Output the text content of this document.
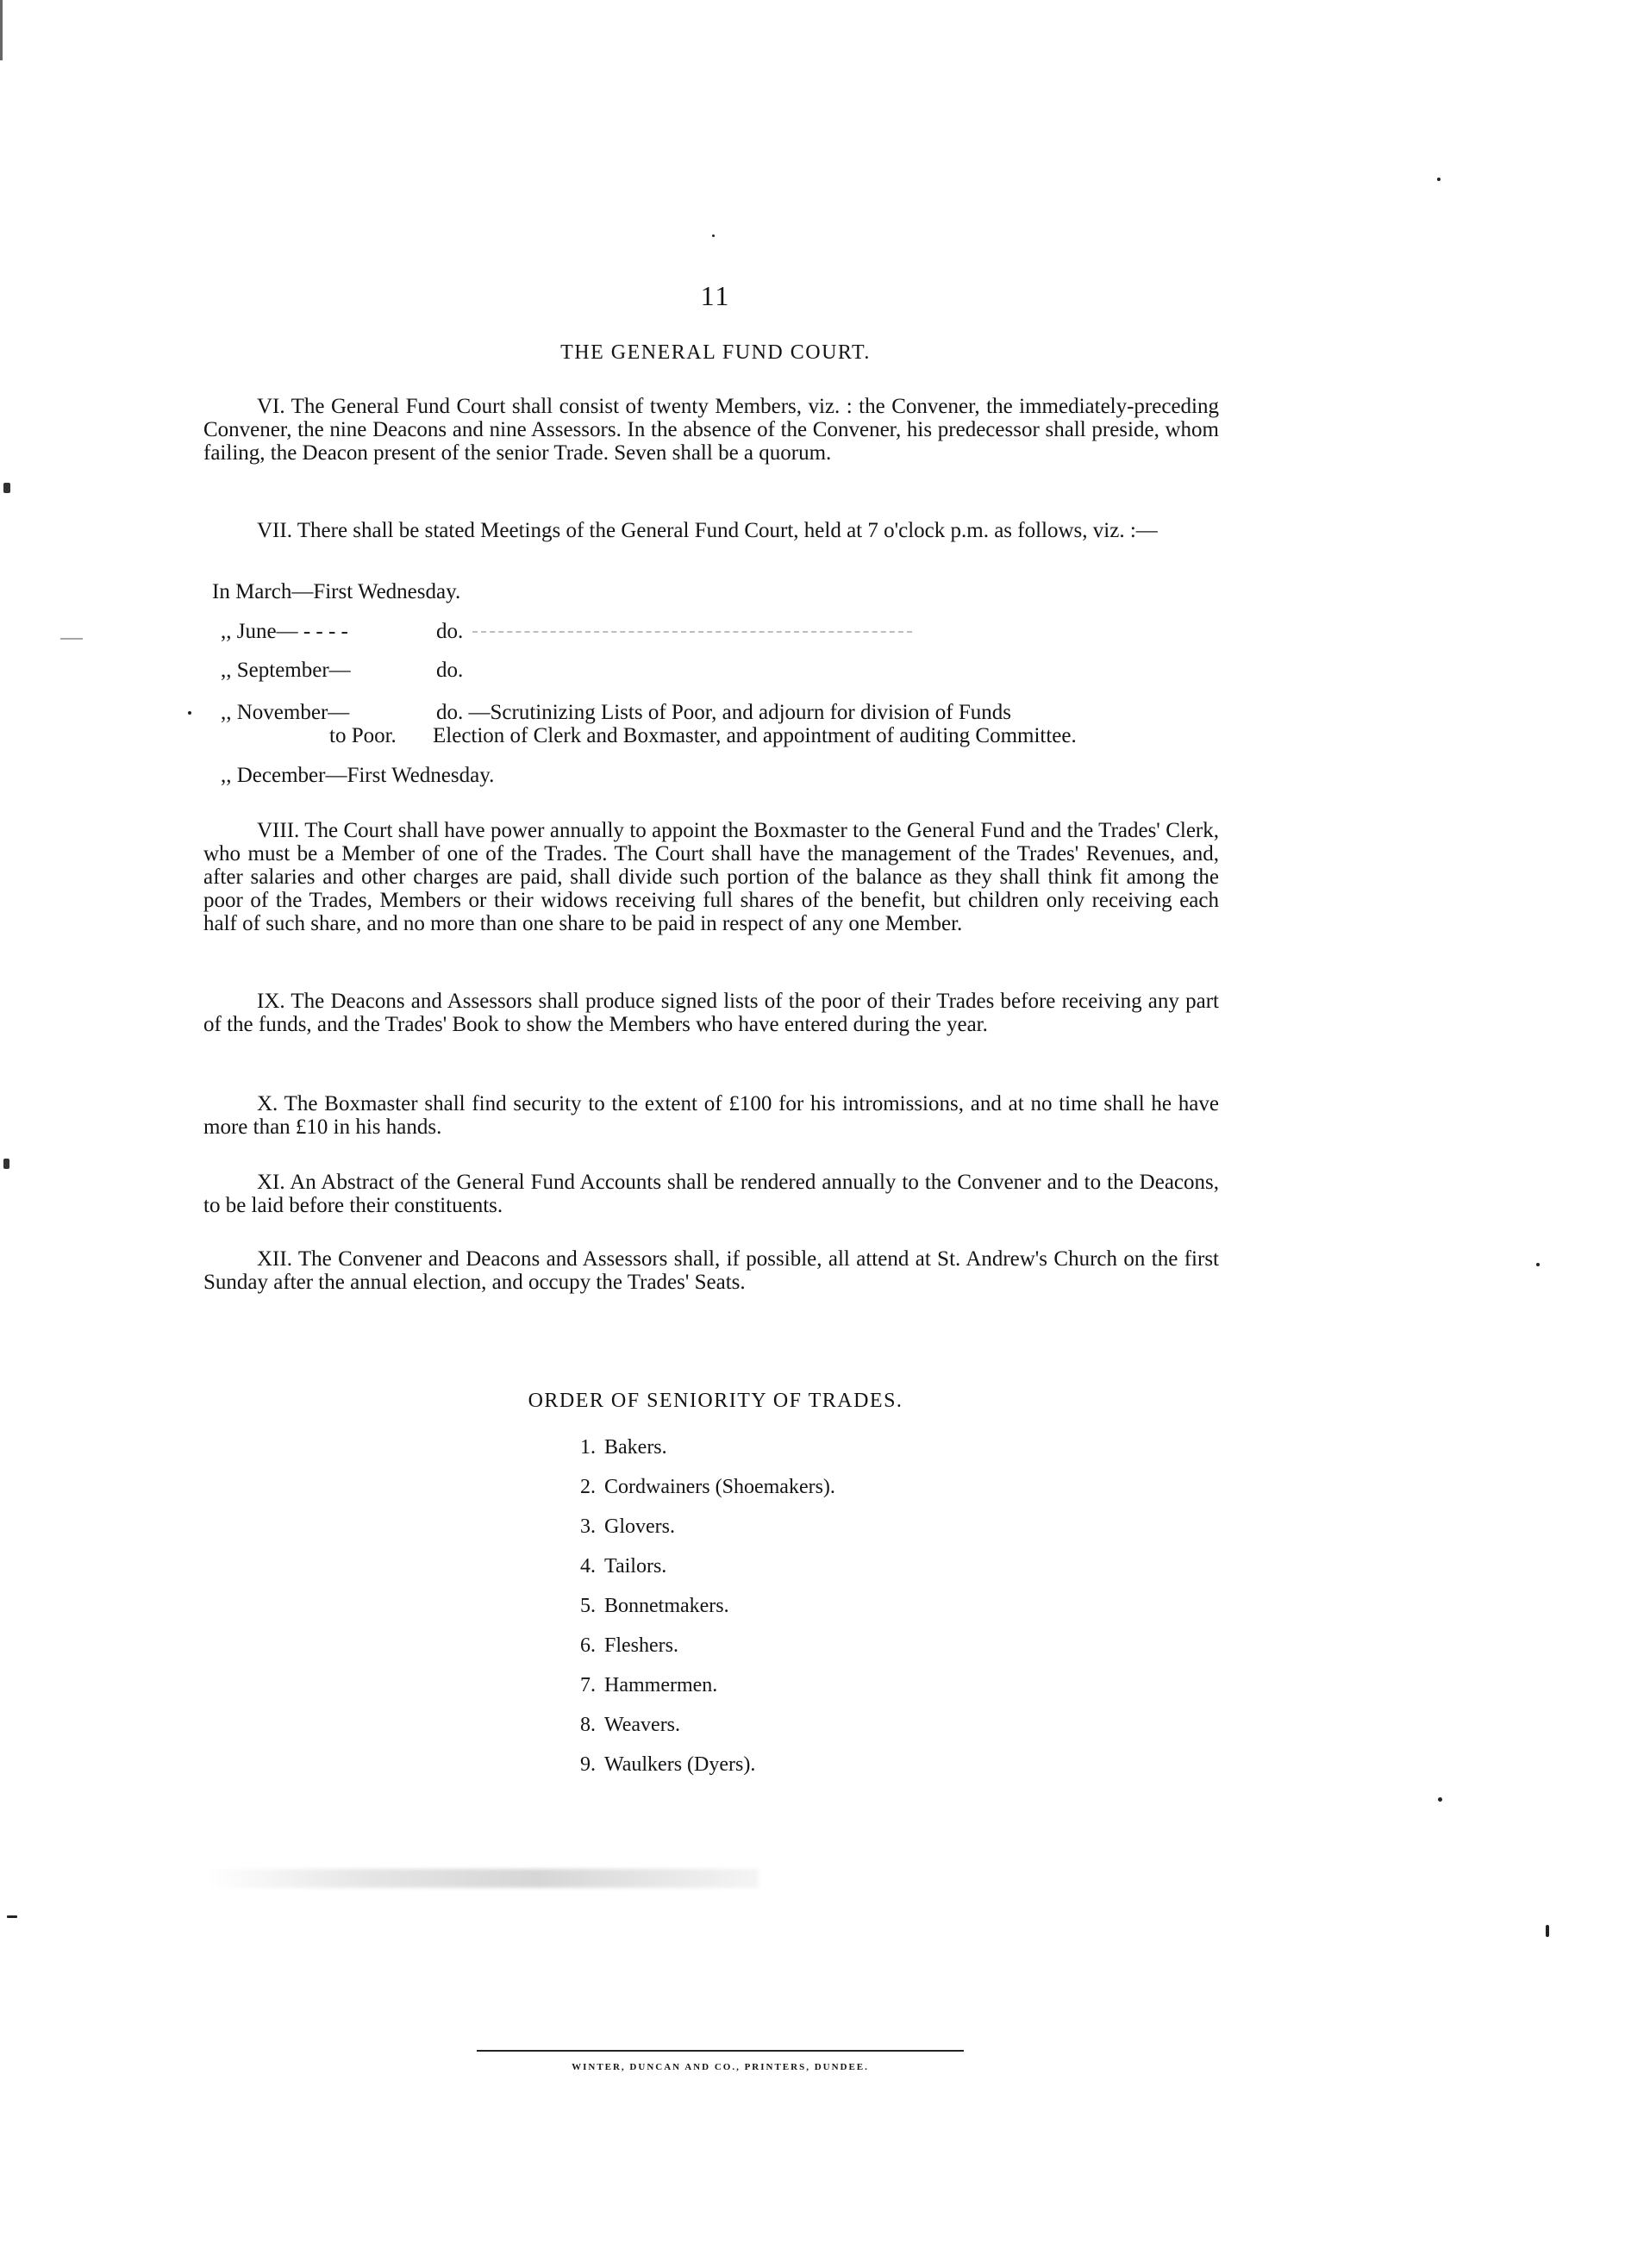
11
THE GENERAL FUND COURT.

VI. The General Fund Court shall consist of twenty Members, viz. : the Convener, the immediately-preceding Convener, the nine Deacons and nine Assessors. In the absence of the Convener, his predecessor shall preside, whom failing, the Deacon present of the senior Trade. Seven shall be a quorum.

VII. There shall be stated Meetings of the General Fund Court, held at 7 o'clock p.m. as follows, viz. :—

In March—First Wednesday.
,, June— - - - -	do.
,, September—	do.
,, November—	do. —Scrutinizing Lists of Poor, and adjourn for division of Funds
to Poor. Election of Clerk and Boxmaster, and appointment of auditing Committee.
,, December—First Wednesday.

VIII. The Court shall have power annually to appoint the Boxmaster to the General Fund and the Trades' Clerk, who must be a Member of one of the Trades. The Court shall have the management of the Trades' Revenues, and, after salaries and other charges are paid, shall divide such portion of the balance as they shall think fit among the poor of the Trades, Members or their widows receiving full shares of the benefit, but children only receiving each half of such share, and no more than one share to be paid in respect of any one Member.

IX. The Deacons and Assessors shall produce signed lists of the poor of their Trades before receiving any part of the funds, and the Trades' Book to show the Members who have entered during the year.

X. The Boxmaster shall find security to the extent of £100 for his intromissions, and at no time shall he have more than £10 in his hands.

XI. An Abstract of the General Fund Accounts shall be rendered annually to the Convener and to the Deacons, to be laid before their constituents.

XII. The Convener and Deacons and Assessors shall, if possible, all attend at St. Andrew's Church on the first Sunday after the annual election, and occupy the Trades' Seats.

ORDER OF SENIORITY OF TRADES.
1. Bakers.
2. Cordwainers (Shoemakers).
3. Glovers.
4. Tailors.
5. Bonnetmakers.
6. Fleshers.
7. Hammermen.
8. Weavers.
9. Waulkers (Dyers).
WINTER, DUNCAN AND CO., PRINTERS, DUNDEE.
